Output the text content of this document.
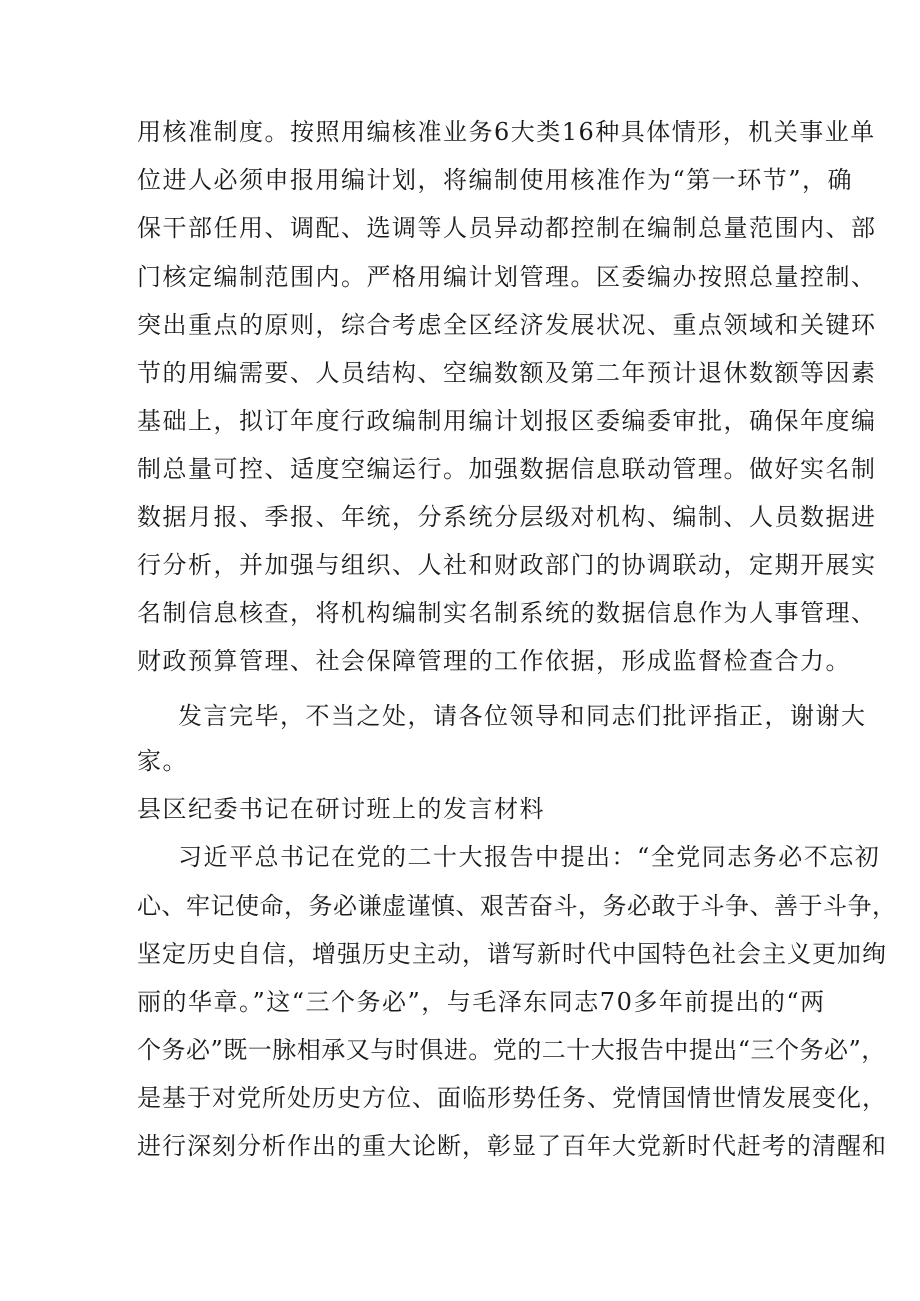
用核准制度。按照用编核准业务6大类16种具体情形，机关事业单
位进人必须申报用编计划，将编制使用核准作为“第一环节”，确
保干部任用、调配、选调等人员异动都控制在编制总量范围内、部
门核定编制范围内。严格用编计划管理。区委编办按照总量控制、
突出重点的原则，综合考虑全区经济发展状况、重点领域和关键环
节的用编需要、人员结构、空编数额及第二年预计退休数额等因素
基础上，拟订年度行政编制用编计划报区委编委审批，确保年度编
制总量可控、适度空编运行。加强数据信息联动管理。做好实名制
数据月报、季报、年统，分系统分层级对机构、编制、人员数据进
行分析，并加强与组织、人社和财政部门的协调联动，定期开展实
名制信息核查，将机构编制实名制系统的数据信息作为人事管理、
财政预算管理、社会保障管理的工作依据，形成监督检查合力。
发言完毕，不当之处，请各位领导和同志们批评指正，谢谢大
家。
县区纪委书记在研讨班上的发言材料
习近平总书记在党的二十大报告中提出：“全党同志务必不忘初
心、牢记使命，务必谦虚谨慎、艰苦奋斗，务必敢于斗争、善于斗争，
坚定历史自信，增强历史主动，谱写新时代中国特色社会主义更加绚
丽的华章。”这“三个务必”，与毛泽东同志70多年前提出的“两
个务必”既一脉相承又与时俱进。党的二十大报告中提出“三个务必”，
是基于对党所处历史方位、面临形势任务、党情国情世情发展变化，
进行深刻分析作出的重大论断，彰显了百年大党新时代赶考的清醒和
